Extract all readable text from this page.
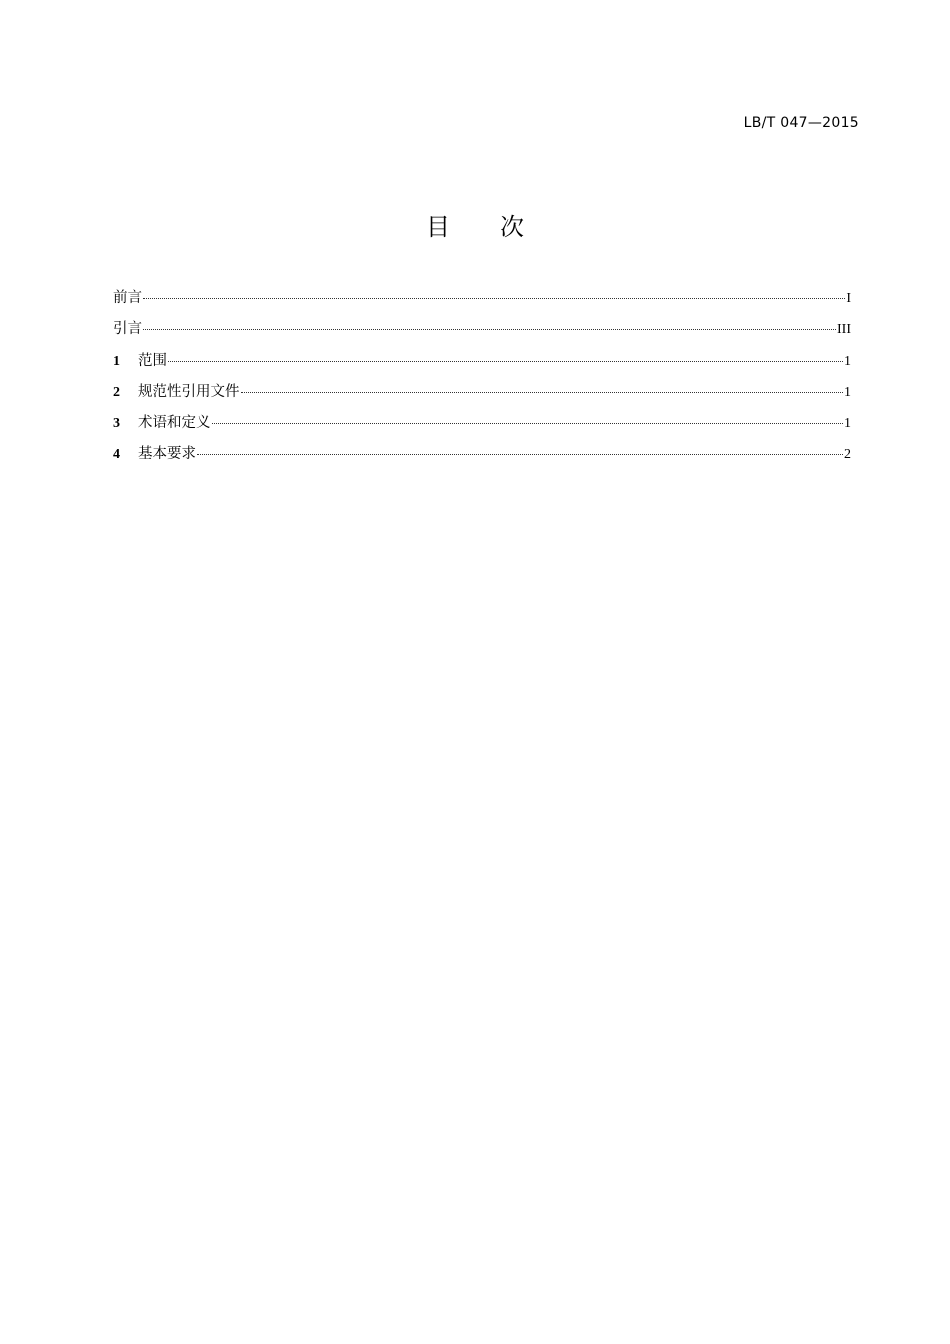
LB/T 047—2015
目 次
前言	I
引言	III
1	范围	1
2	规范性引用文件	1
3	术语和定义	1
4	基本要求	2
